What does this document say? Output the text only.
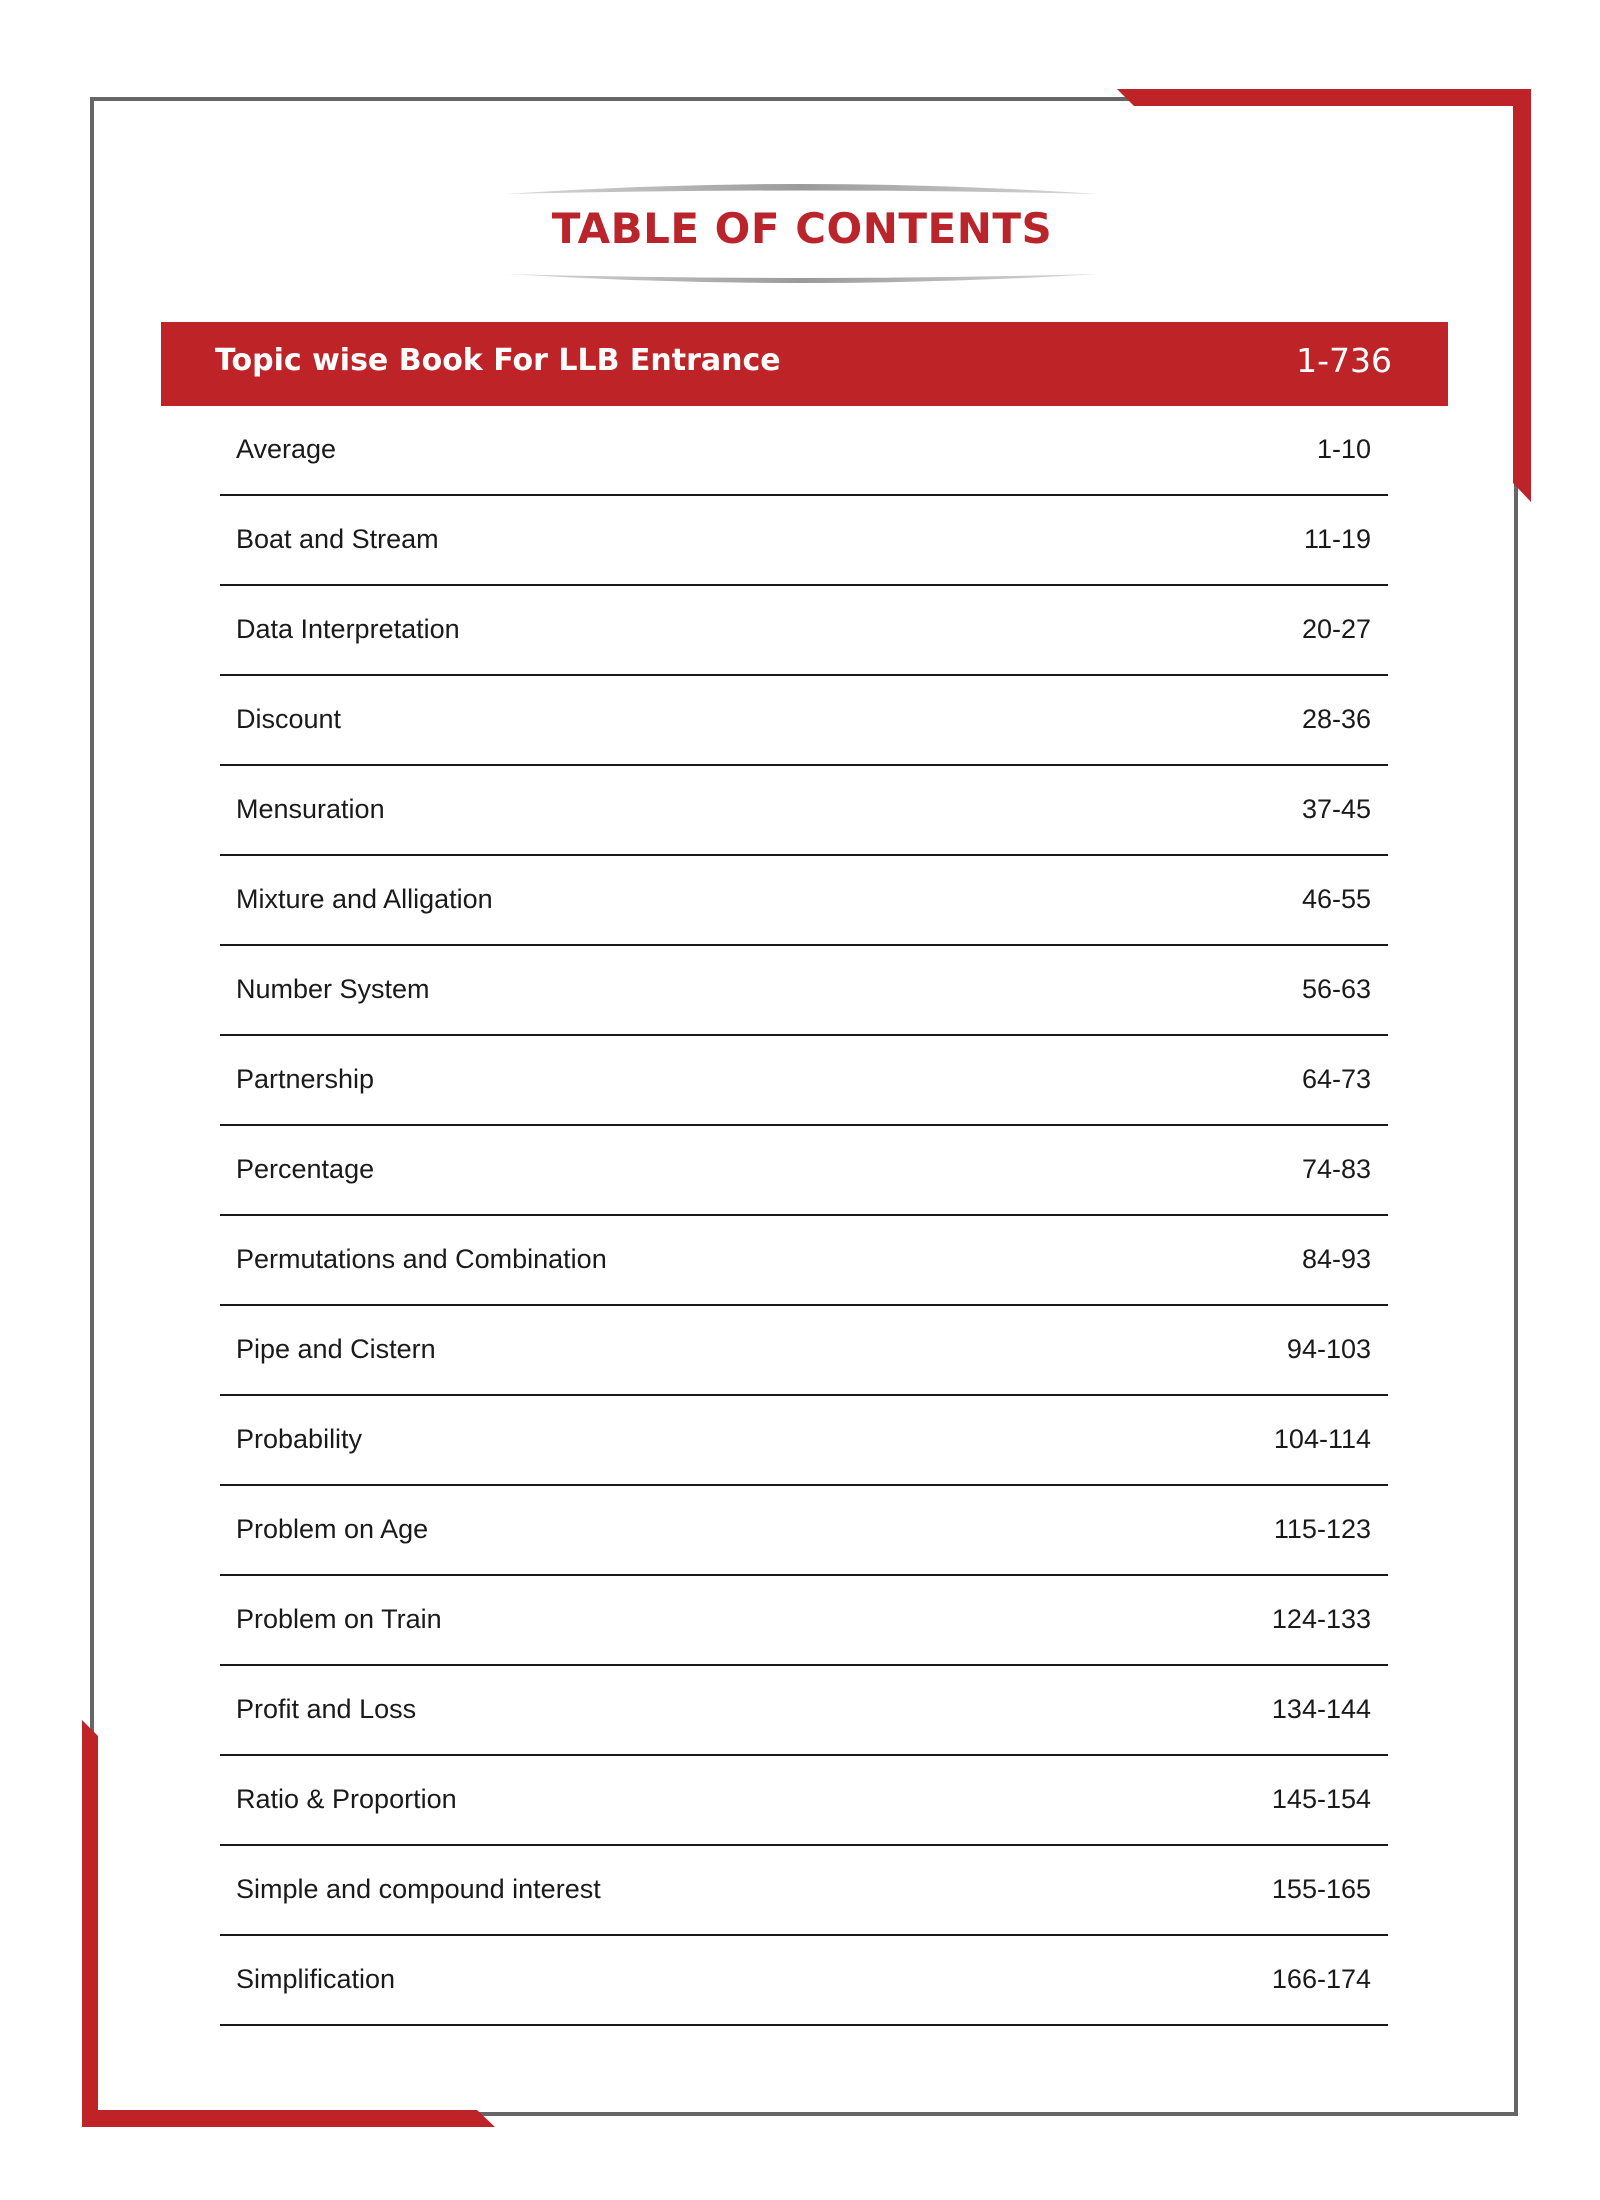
TABLE OF CONTENTS
Topic wise Book For LLB Entrance	1-736
Average	1-10
Boat and Stream	11-19
Data Interpretation	20-27
Discount	28-36
Mensuration	37-45
Mixture and Alligation	46-55
Number System	56-63
Partnership	64-73
Percentage	74-83
Permutations and Combination	84-93
Pipe and Cistern	94-103
Probability	104-114
Problem on Age	115-123
Problem on Train	124-133
Profit and Loss	134-144
Ratio & Proportion	145-154
Simple and compound interest	155-165
Simplification	166-174
